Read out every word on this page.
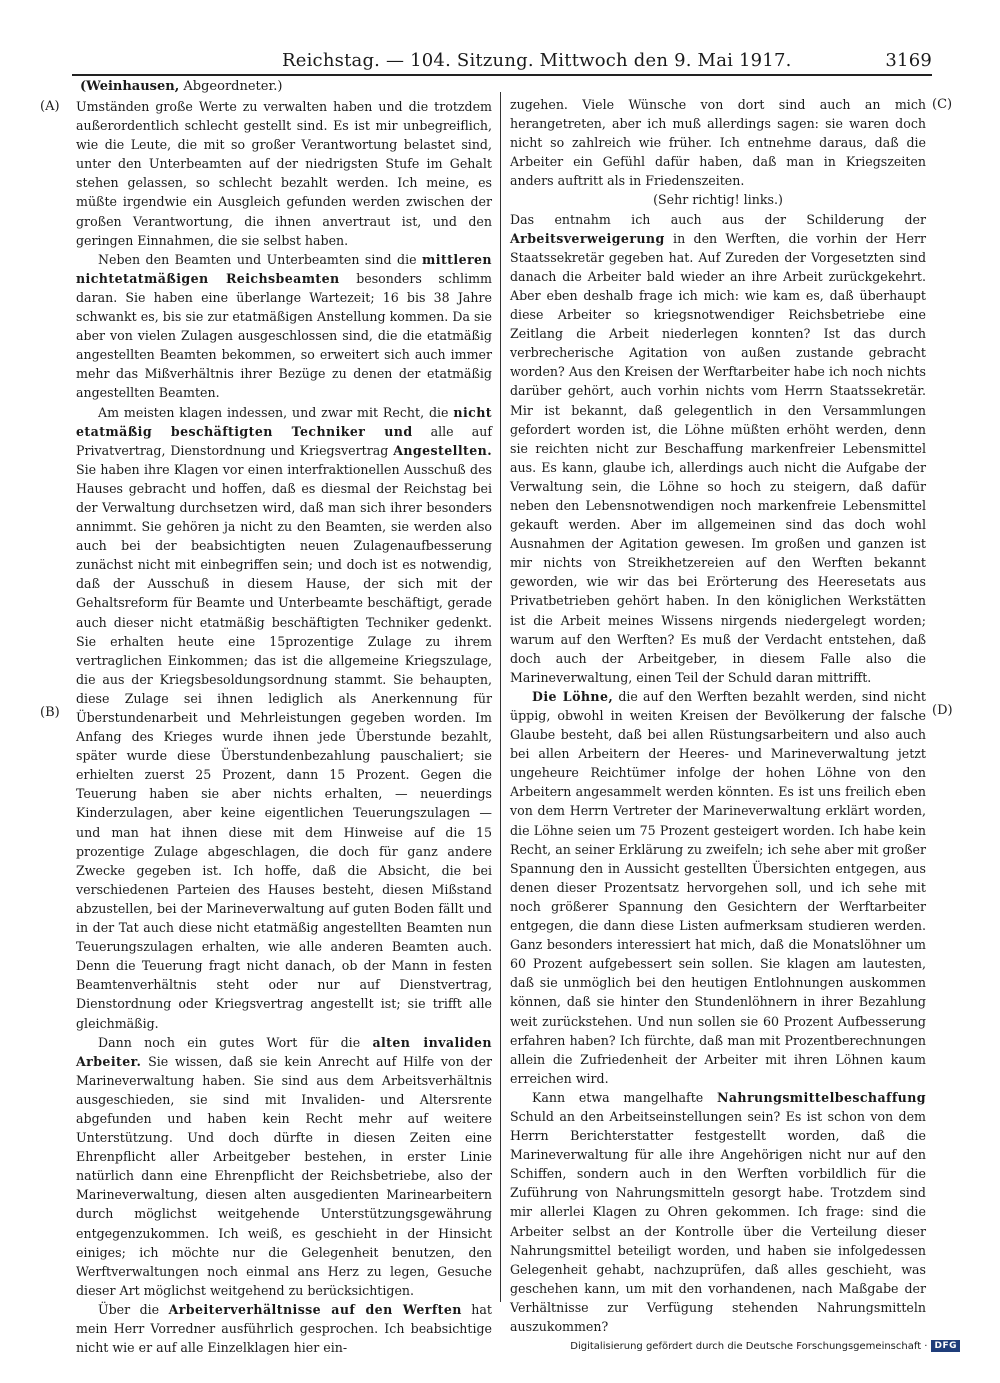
Reichstag. — 104. Sitzung. Mittwoch den 9. Mai 1917.	3169
(Weinhausen, Abgeordneter.)
(A)
(B)
(C)
(D)

Umständen große Werte zu verwalten haben und die trotzdem außerordentlich schlecht gestellt sind. Es ist mir unbegreiflich, wie die Leute, die mit so großer Verantwortung belastet sind, unter den Unterbeamten auf der niedrigsten Stufe im Gehalt stehen gelassen, so schlecht bezahlt werden. Ich meine, es müßte irgendwie ein Ausgleich gefunden werden zwischen der großen Verantwortung, die ihnen anvertraut ist, und den geringen Einnahmen, die sie selbst haben.

Neben den Beamten und Unterbeamten sind die mittleren nichtetatmäßigen Reichsbeamten besonders schlimm daran. Sie haben eine überlange Wartezeit; 16 bis 38 Jahre schwankt es, bis sie zur etatmäßigen Anstellung kommen. Da sie aber von vielen Zulagen ausgeschlossen sind, die die etatmäßig angestellten Beamten bekommen, so erweitert sich auch immer mehr das Mißverhältnis ihrer Bezüge zu denen der etatmäßig angestellten Beamten.

Am meisten klagen indessen, und zwar mit Recht, die nicht etatmäßig beschäftigten Techniker und alle auf Privatvertrag, Dienstordnung und Kriegsvertrag Angestellten. Sie haben ihre Klagen vor einen interfraktionellen Ausschuß des Hauses gebracht und hoffen, daß es diesmal der Reichstag bei der Verwaltung durchsetzen wird, daß man sich ihrer besonders annimmt. Sie gehören ja nicht zu den Beamten, sie werden also auch bei der beabsichtigten neuen Zulagenaufbesserung zunächst nicht mit einbegriffen sein; und doch ist es notwendig, daß der Ausschuß in diesem Hause, der sich mit der Gehaltsreform für Beamte und Unterbeamte beschäftigt, gerade auch dieser nicht etatmäßig beschäftigten Techniker gedenkt. Sie erhalten heute eine 15prozentige Zulage zu ihrem vertraglichen Einkommen; das ist die allgemeine Kriegszulage, die aus der Kriegsbesoldungsordnung stammt. Sie behaupten, diese Zulage sei ihnen lediglich als Anerkennung für Überstundenarbeit und Mehrleistungen gegeben worden. Im Anfang des Krieges wurde ihnen jede Überstunde bezahlt, später wurde diese Überstundenbezahlung pauschaliert; sie erhielten zuerst 25 Prozent, dann 15 Prozent. Gegen die Teuerung haben sie aber nichts erhalten, — neuerdings Kinderzulagen, aber keine eigentlichen Teuerungszulagen — und man hat ihnen diese mit dem Hinweise auf die 15 prozentige Zulage abgeschlagen, die doch für ganz andere Zwecke gegeben ist. Ich hoffe, daß die Absicht, die bei verschiedenen Parteien des Hauses besteht, diesen Mißstand abzustellen, bei der Marineverwaltung auf guten Boden fällt und in der Tat auch diese nicht etatmäßig angestellten Beamten nun Teuerungszulagen erhalten, wie alle anderen Beamten auch. Denn die Teuerung fragt nicht danach, ob der Mann in festen Beamtenverhältnis steht oder nur auf Dienstvertrag, Dienstordnung oder Kriegsvertrag angestellt ist; sie trifft alle gleichmäßig.

Dann noch ein gutes Wort für die alten invaliden Arbeiter. Sie wissen, daß sie kein Anrecht auf Hilfe von der Marineverwaltung haben. Sie sind aus dem Arbeitsverhältnis ausgeschieden, sie sind mit Invaliden- und Altersrente abgefunden und haben kein Recht mehr auf weitere Unterstützung. Und doch dürfte in diesen Zeiten eine Ehrenpflicht aller Arbeitgeber bestehen, in erster Linie natürlich dann eine Ehrenpflicht der Reichsbetriebe, also der Marineverwaltung, diesen alten ausgedienten Marinearbeitern durch möglichst weitgehende Unterstützungsgewährung entgegenzukommen. Ich weiß, es geschieht in der Hinsicht einiges; ich möchte nur die Gelegenheit benutzen, den Werftverwaltungen noch einmal ans Herz zu legen, Gesuche dieser Art möglichst weitgehend zu berücksichtigen.

Über die Arbeiterverhältnisse auf den Werften hat mein Herr Vorredner ausführlich gesprochen. Ich beabsichtige nicht wie er auf alle Einzelklagen hier ein-

zugehen. Viele Wünsche von dort sind auch an mich herangetreten, aber ich muß allerdings sagen: sie waren doch nicht so zahlreich wie früher. Ich entnehme daraus, daß die Arbeiter ein Gefühl dafür haben, daß man in Kriegszeiten anders auftritt als in Friedenszeiten.

(Sehr richtig! links.)

Das entnahm ich auch aus der Schilderung der Arbeitsverweigerung in den Werften, die vorhin der Herr Staatssekretär gegeben hat. Auf Zureden der Vorgesetzten sind danach die Arbeiter bald wieder an ihre Arbeit zurückgekehrt. Aber eben deshalb frage ich mich: wie kam es, daß überhaupt diese Arbeiter so kriegsnotwendiger Reichsbetriebe eine Zeitlang die Arbeit niederlegen konnten? Ist das durch verbrecherische Agitation von außen zustande gebracht worden? Aus den Kreisen der Werftarbeiter habe ich noch nichts darüber gehört, auch vorhin nichts vom Herrn Staatssekretär. Mir ist bekannt, daß gelegentlich in den Versammlungen gefordert worden ist, die Löhne müßten erhöht werden, denn sie reichten nicht zur Beschaffung markenfreier Lebensmittel aus. Es kann, glaube ich, allerdings auch nicht die Aufgabe der Verwaltung sein, die Löhne so hoch zu steigern, daß dafür neben den Lebensnotwendigen noch markenfreie Lebensmittel gekauft werden. Aber im allgemeinen sind das doch wohl Ausnahmen der Agitation gewesen. Im großen und ganzen ist mir nichts von Streikhetzereien auf den Werften bekannt geworden, wie wir das bei Erörterung des Heeresetats aus Privatbetrieben gehört haben. In den königlichen Werkstätten ist die Arbeit meines Wissens nirgends niedergelegt worden; warum auf den Werften? Es muß der Verdacht entstehen, daß doch auch der Arbeitgeber, in diesem Falle also die Marineverwaltung, einen Teil der Schuld daran mittrifft.

Die Löhne, die auf den Werften bezahlt werden, sind nicht üppig, obwohl in weiten Kreisen der Bevölkerung der falsche Glaube besteht, daß bei allen Rüstungsarbeitern und also auch bei allen Arbeitern der Heeres- und Marineverwaltung jetzt ungeheure Reichtümer infolge der hohen Löhne von den Arbeitern angesammelt werden könnten. Es ist uns freilich eben von dem Herrn Vertreter der Marineverwaltung erklärt worden, die Löhne seien um 75 Prozent gesteigert worden. Ich habe kein Recht, an seiner Erklärung zu zweifeln; ich sehe aber mit großer Spannung den in Aussicht gestellten Übersichten entgegen, aus denen dieser Prozentsatz hervorgehen soll, und ich sehe mit noch größerer Spannung den Gesichtern der Werftarbeiter entgegen, die dann diese Listen aufmerksam studieren werden. Ganz besonders interessiert hat mich, daß die Monatslöhner um 60 Prozent aufgebessert sein sollen. Sie klagen am lautesten, daß sie unmöglich bei den heutigen Entlohnungen auskommen können, daß sie hinter den Stundenlöhnern in ihrer Bezahlung weit zurückstehen. Und nun sollen sie 60 Prozent Aufbesserung erfahren haben? Ich fürchte, daß man mit Prozentberechnungen allein die Zufriedenheit der Arbeiter mit ihren Löhnen kaum erreichen wird.

Kann etwa mangelhafte Nahrungsmittelbeschaffung Schuld an den Arbeitseinstellungen sein? Es ist schon von dem Herrn Berichterstatter festgestellt worden, daß die Marineverwaltung für alle ihre Angehörigen nicht nur auf den Schiffen, sondern auch in den Werften vorbildlich für die Zuführung von Nahrungsmitteln gesorgt habe. Trotzdem sind mir allerlei Klagen zu Ohren gekommen. Ich frage: sind die Arbeiter selbst an der Kontrolle über die Verteilung dieser Nahrungsmittel beteiligt worden, und haben sie infolgedessen Gelegenheit gehabt, nachzuprüfen, daß alles geschieht, was geschehen kann, um mit den vorhandenen, nach Maßgabe der Verhältnisse zur Verfügung stehenden Nahrungsmitteln auszukommen?

Digitalisierung gefördert durch die Deutsche Forschungsgemeinschaft · DFG
